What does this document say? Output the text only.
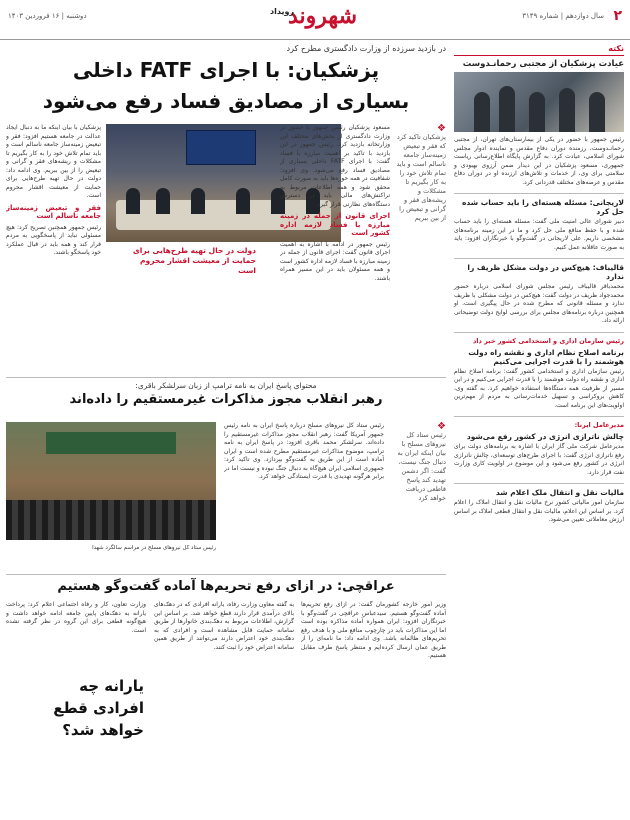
۲
سال دوازدهم | شماره ۳۱۴۹
دوشنبه | ۱۶ فروردین ۱۴۰۳	شهروند
رویداد
نکته
عیادت پزشکیان از مجتبی رحمانـدوست
رئیس جمهور با حضور در یکی از بیمارستان‌های تهران، از مجتبی رحمانـدوست، رزمنده دوران دفاع مقدس و نماینده ادوار مجلس شورای اسلامی، عیادت کرد. به گزارش پایگاه اطلاع‌رسانی ریاست جمهوری، مسعود پزشکیان در این دیدار ضمن آرزوی بهبودی و سلامتی برای وی، از خدمات و تلاش‌های ارزنده او در دوران دفاع مقدس و عرصه‌های مختلف قدردانی کرد.
لاریجانی: مسئله هسته‌ای را باید حساب شده حل کرد
دبیر شورای عالی امنیت ملی گفت: مسئله هسته‌ای را باید حساب شده و با حفظ منافع ملی حل کرد و ما در این زمینه برنامه‌های مشخصی داریم. علی لاریجانی در گفت‌وگو با خبرنگاران افزود: باید به صورت عاقلانه عمل کنیم.
قالیباف: هیچ‌کس در دولت مشکل ظریف را ندارد
محمدباقر قالیباف رئیس مجلس شورای اسلامی درباره حضور محمدجواد ظریف در دولت گفت: هیچ‌کس در دولت مشکلی با ظریف ندارد و مسئله قانونی که مطرح شده در حال پیگیری است. او همچنین درباره برنامه‌های مجلس برای بررسی لوایح دولت توضیحاتی ارائه داد.
رئیس سازمان اداری و استخدامی کشور خبر داد
برنامه اصلاح نظام اداری و نقشه راه دولت هوشمند را با قدرت اجرایی می‌کنیم
رئیس سازمان اداری و استخدامی کشور گفت: برنامه اصلاح نظام اداری و نقشه راه دولت هوشمند را با قدرت اجرایی می‌کنیم و در این مسیر از ظرفیت همه دستگاه‌ها استفاده خواهیم کرد. به گفته وی، کاهش بروکراسی و تسهیل خدمات‌رسانی به مردم از مهم‌ترین اولویت‌های این برنامه است.
مدیرعامل ایرنا:
چالش ناترازی انرژی در کشور رفع می‌شود
مدیرعامل شرکت ملی گاز ایران با اشاره به برنامه‌های دولت برای رفع ناترازی انرژی گفت: با اجرای طرح‌های توسعه‌ای، چالش ناترازی انرژی در کشور رفع می‌شود و این موضوع در اولویت کاری وزارت نفت قرار دارد.
مالیات نقل و انتقال ملک اعلام شد
سازمان امور مالیاتی کشور نرخ مالیات نقل و انتقال املاک را اعلام کرد. بر اساس این اعلام، مالیات نقل و انتقال قطعی املاک بر اساس ارزش معاملاتی تعیین می‌شود.
در بازدید سرزده از وزارت دادگستری مطرح کرد
پزشکیان: با اجرای FATF داخلی
بسیاری از مصادیق فساد رفع می‌شود
❖
پزشکیان تاکید کرد که فقر و تبعیض زمینه‌ساز جامعه ناسالم است و باید تمام تلاش خود را به کار بگیریم تا مشکلات و ریشه‌های فقر و گرانی و تبعیض را از بین ببریم
مسعود پزشکیان رئیس جمهور با حضور در وزارت دادگستری از بخش‌های مختلف این وزارتخانه بازدید کرد. رئیس جمهور در این بازدید با تاکید بر اهمیت مبارزه با فساد گفت: با اجرای FATF داخلی بسیاری از مصادیق فساد رفع می‌شود. وی افزود: شفافیت در همه حوزه‌ها باید به صورت کامل محقق شود و همه اطلاعات مربوط به تراکنش‌های مالی باید در دسترس دستگاه‌های نظارتی قرار گیرد.
اجرای قانون از جمله در زمینه مبارزه با فساد لازمه اداره کشور است
رئیس جمهور در ادامه با اشاره به اهمیت اجرای قانون گفت: اجرای قانون از جمله در زمینه مبارزه با فساد لازمه اداره کشور است و همه مسئولان باید در این مسیر همراه باشند.
دولت در حال تهیه طرح‌هایی برای حمایت از معیشت اقشار محروم است
پزشکیان با بیان اینکه ما به دنبال ایجاد عدالت در جامعه هستیم افزود: فقر و تبعیض زمینه‌ساز جامعه ناسالم است و باید تمام تلاش خود را به کار بگیریم تا مشکلات و ریشه‌های فقر و گرانی و تبعیض را از بین ببریم. وی ادامه داد: دولت در حال تهیه طرح‌هایی برای حمایت از معیشت اقشار محروم است.
فقر و تبعیض زمینه‌ساز جامعه ناسالم است
رئیس جمهور همچنین تصریح کرد: هیچ مسئولی نباید از پاسخگویی به مردم فرار کند و همه باید در قبال عملکرد خود پاسخگو باشند.
محتوای پاسخ ایران به نامه ترامپ از زبان سرلشکر باقری:
رهبر انقلاب مجوز مذاکرات غیرمستقیم را داده‌اند
رئیس ستاد کل نیروهای مسلح در مراسم سالگرد شهدا
❖
رئیس ستاد کل نیروهای مسلح با بیان اینکه ایران به دنبال جنگ نیست، گفت: اگر دشمن تهدید کند پاسخ قاطعی دریافت خواهد کرد
رئیس ستاد کل نیروهای مسلح درباره پاسخ ایران به نامه رئیس جمهور آمریکا گفت: رهبر انقلاب مجوز مذاکرات غیرمستقیم را داده‌اند. سرلشکر محمد باقری افزود: در پاسخ ایران به نامه ترامپ، موضوع مذاکرات غیرمستقیم مطرح شده است و ایران آماده است از این طریق به گفت‌وگو بپردازد. وی تاکید کرد: جمهوری اسلامی ایران هیچ‌گاه به دنبال جنگ نبوده و نیست اما در برابر هرگونه تهدیدی با قدرت ایستادگی خواهد کرد.
عراقچی: در ازای رفع تحریم‌ها آماده گفت‌وگو هستیم
وزیر امور خارجه کشورمان گفت: در ازای رفع تحریم‌ها آماده گفت‌وگو هستیم. سیدعباس عراقچی در گفت‌وگو با خبرنگاران افزود: ایران همواره آماده مذاکره بوده است اما این مذاکرات باید در چارچوب منافع ملی و با هدف رفع تحریم‌های ظالمانه باشد. وی ادامه داد: ما نامه‌ای را از طریق عمان ارسال کرده‌ایم و منتظر پاسخ طرف مقابل هستیم.
به گفته معاون وزارت رفاه، یارانه افرادی که در دهک‌های بالای درآمدی قرار دارند قطع خواهد شد. بر اساس این گزارش، اطلاعات مربوط به دهک‌بندی خانوارها از طریق سامانه حمایت قابل مشاهده است و افرادی که به دهک‌بندی خود اعتراض دارند می‌توانند از طریق همین سامانه اعتراض خود را ثبت کنند.
وزارت تعاون، کار و رفاه اجتماعی اعلام کرد: پرداخت یارانه به دهک‌های پایین جامعه ادامه خواهد داشت و هیچ‌گونه قطعی برای این گروه در نظر گرفته نشده است.
یارانه چه افرادی قطع خواهد شد؟
